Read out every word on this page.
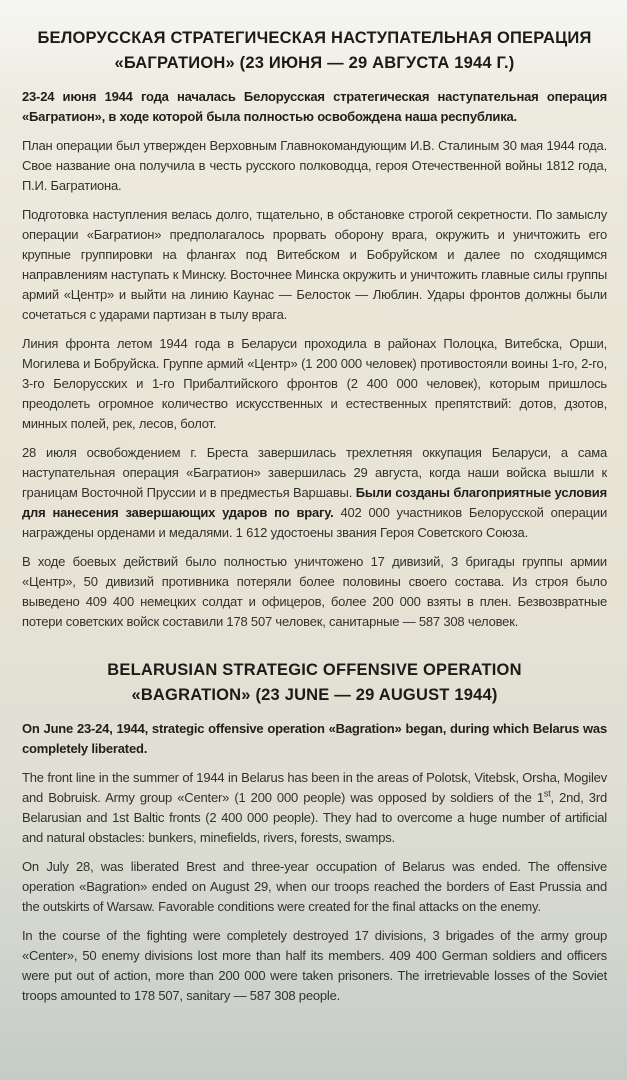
БЕЛОРУССКАЯ СТРАТЕГИЧЕСКАЯ НАСТУПАТЕЛЬНАЯ ОПЕРАЦИЯ
«БАГРАТИОН» (23 ИЮНЯ — 29 АВГУСТА 1944 Г.)

23-24 июня 1944 года началась Белорусская стратегическая наступательная операция «Багратион», в ходе которой была полностью освобождена наша республика.

План операции был утвержден Верховным Главнокомандующим И.В. Сталиным 30 мая 1944 года. Свое название она получила в честь русского полководца, героя Отечественной войны 1812 года, П.И. Багратиона.

Подготовка наступления велась долго, тщательно, в обстановке строгой секретности. По замыслу операции «Багратион» предполагалось прорвать оборону врага, окружить и уничтожить его крупные группировки на флангах под Витебском и Бобруйском и далее по сходящимся направлениям наступать к Минску. Восточнее Минска окружить и уничтожить главные силы группы армий «Центр» и выйти на линию Каунас — Белосток — Люблин. Удары фронтов должны были сочетаться с ударами партизан в тылу врага.

Линия фронта летом 1944 года в Беларуси проходила в районах Полоцка, Витебска, Орши, Могилева и Бобруйска. Группе армий «Центр» (1 200 000 человек) противостояли воины 1-го, 2-го, 3-го Белорусских и 1-го Прибалтийского фронтов (2 400 000 человек), которым пришлось преодолеть огромное количество искусственных и естественных препятствий: дотов, дзотов, минных полей, рек, лесов, болот.

28 июля освобождением г. Бреста завершилась трехлетняя оккупация Беларуси, а сама наступательная операция «Багратион» завершилась 29 августа, когда наши войска вышли к границам Восточной Пруссии и в предместья Варшавы. Были созданы благоприятные условия для нанесения завершающих ударов по врагу. 402 000 участников Белорусской операции награждены орденами и медалями. 1 612 удостоены звания Героя Советского Союза.

В ходе боевых действий было полностью уничтожено 17 дивизий, 3 бригады группы армии «Центр», 50 дивизий противника потеряли более половины своего состава. Из строя было выведено 409 400 немецких солдат и офицеров, более 200 000 взяты в плен. Безвозвратные потери советских войск составили 178 507 человек, санитарные — 587 308 человек.

BELARUSIAN STRATEGIC OFFENSIVE OPERATION
«BAGRATION» (23 JUNE — 29 AUGUST 1944)

On June 23-24, 1944, strategic offensive operation «Bagration» began, during which Belarus was completely liberated.

The front line in the summer of 1944 in Belarus has been in the areas of Polotsk, Vitebsk, Orsha, Mogilev and Bobruisk. Army group «Center» (1 200 000 people) was opposed by soldiers of the 1st, 2nd, 3rd Belarusian and 1st Baltic fronts (2 400 000 people). They had to overcome a huge number of artificial and natural obstacles: bunkers, minefields, rivers, forests, swamps.

On July 28, was liberated Brest and three-year occupation of Belarus was ended. The offensive operation «Bagration» ended on August 29, when our troops reached the borders of East Prussia and the outskirts of Warsaw. Favorable conditions were created for the final attacks on the enemy.

In the course of the fighting were completely destroyed 17 divisions, 3 brigades of the army group «Center», 50 enemy divisions lost more than half its members. 409 400 German soldiers and officers were put out of action, more than 200 000 were taken prisoners. The irretrievable losses of the Soviet troops amounted to 178 507, sanitary — 587 308 people.
